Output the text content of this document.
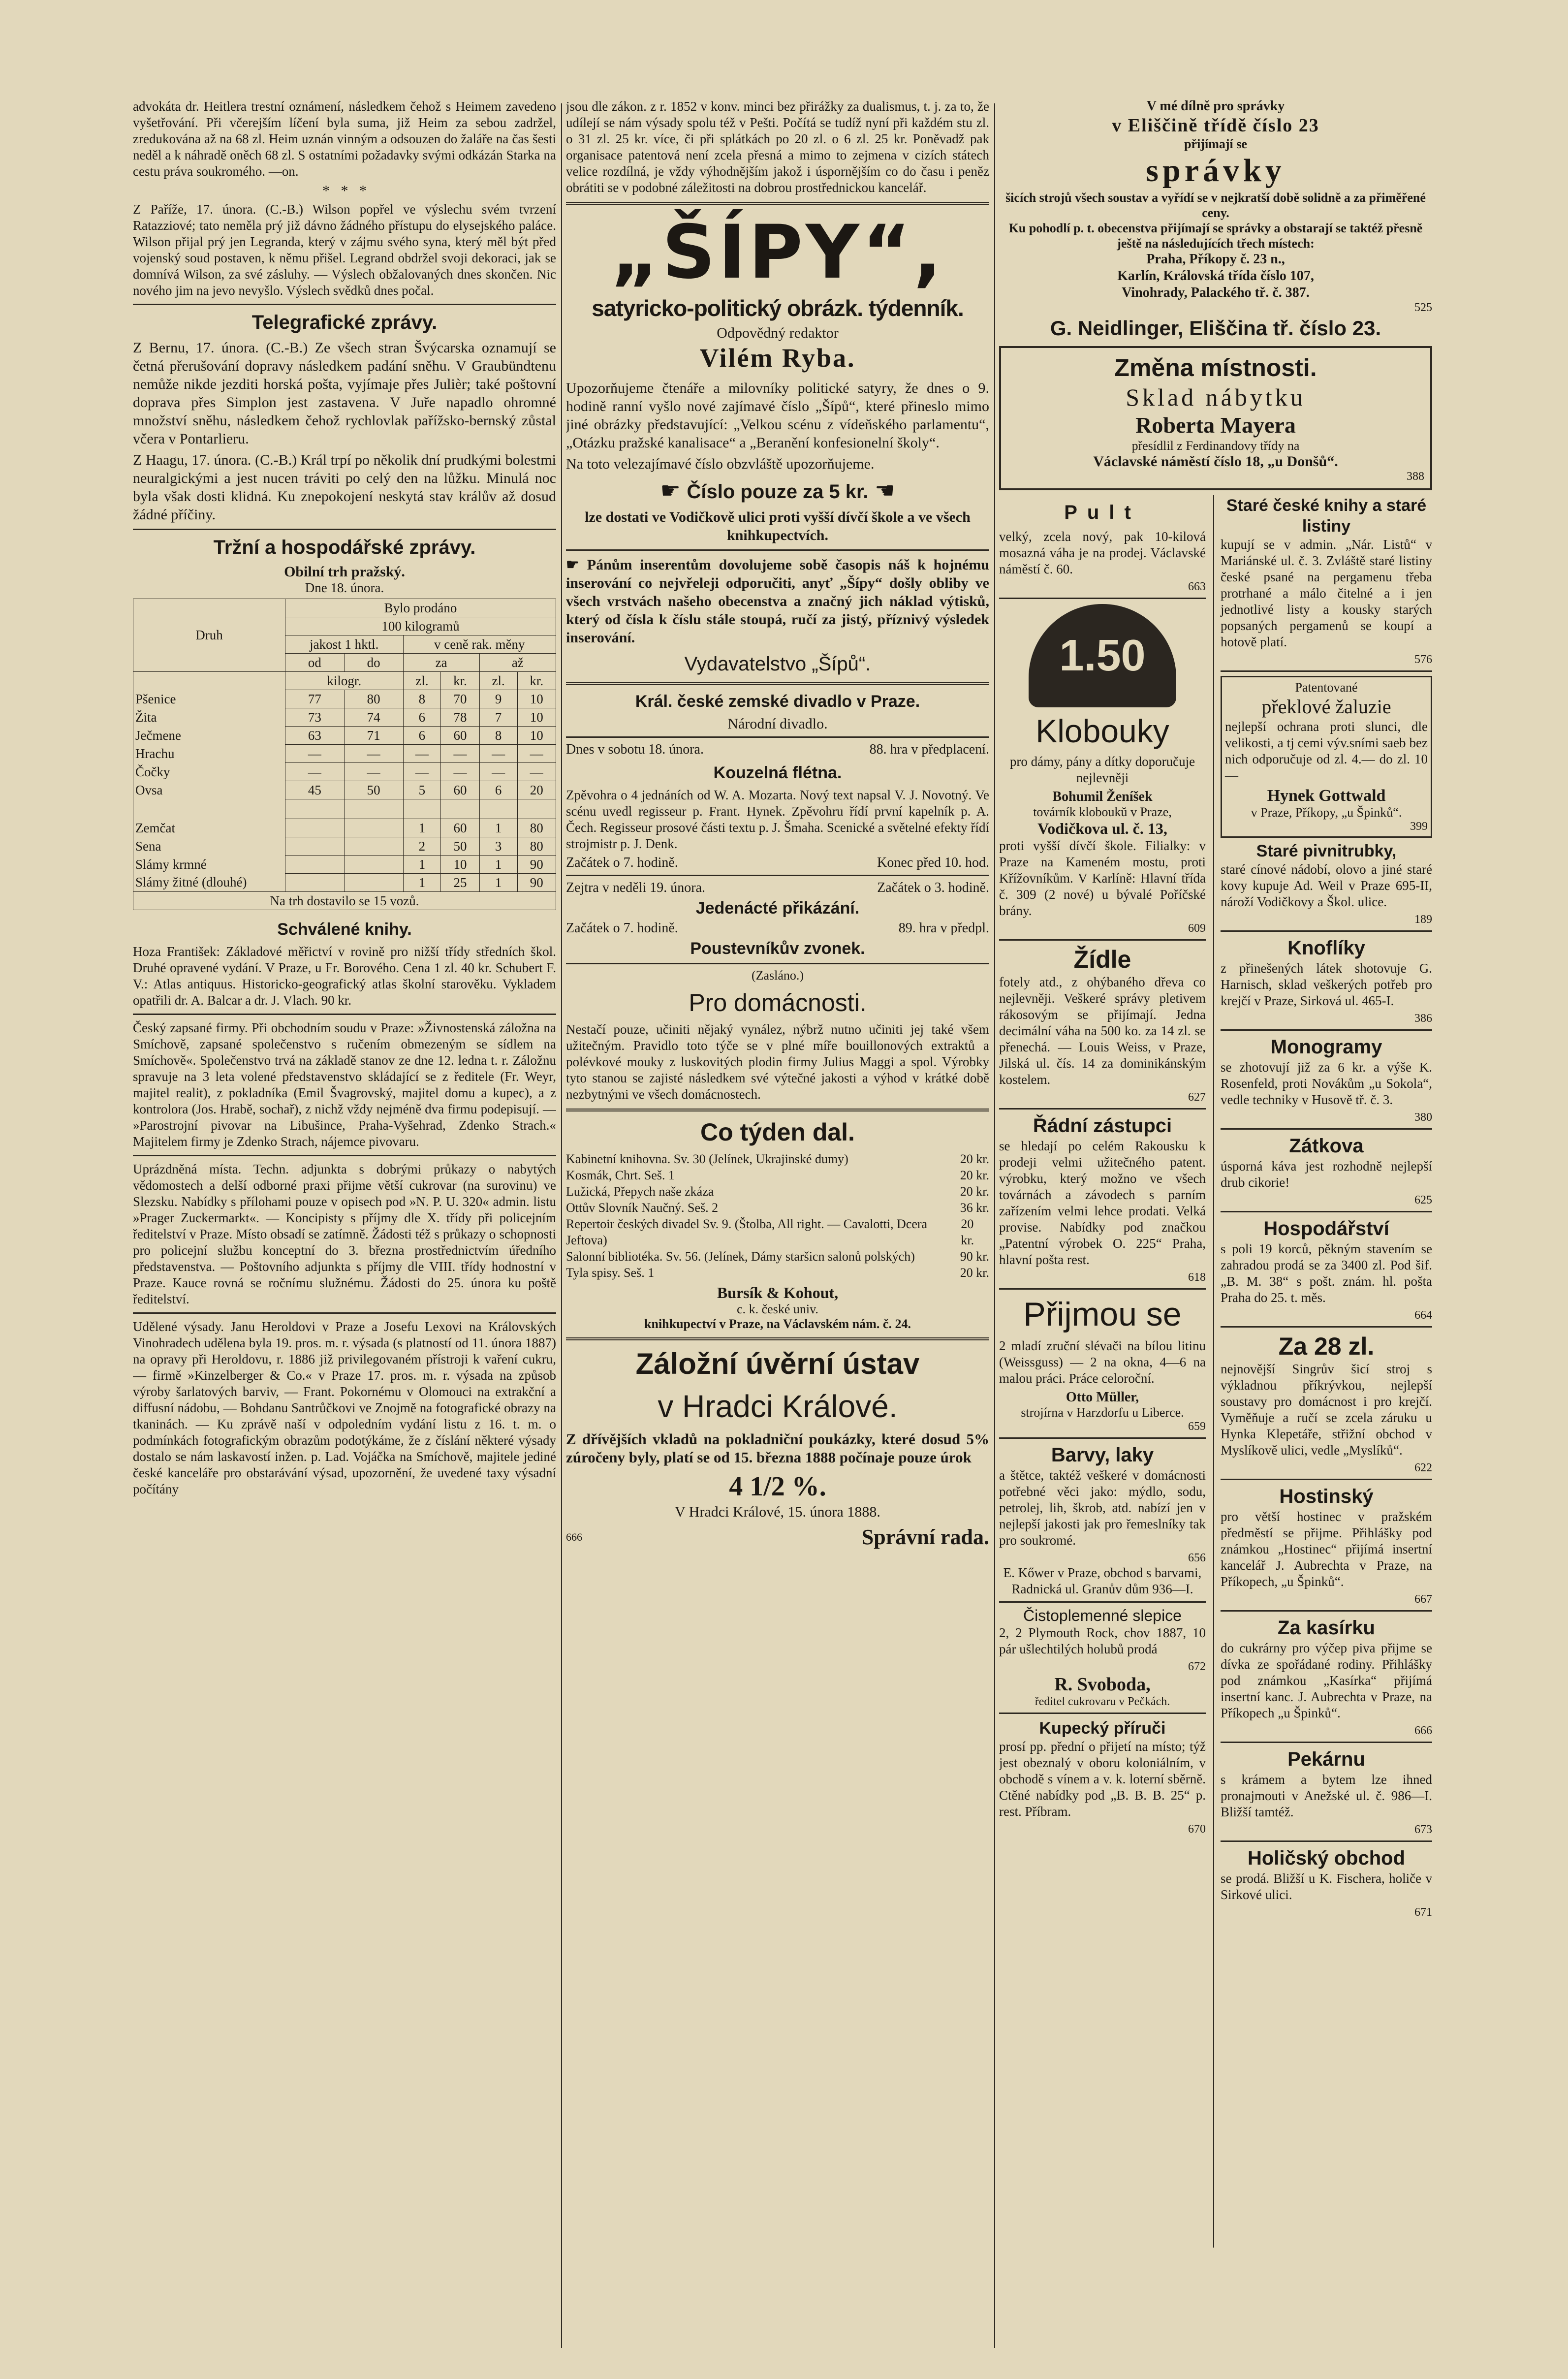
advokáta dr. Heitlera trestní oznámení, následkem čehož s Heimem zavedeno vyšetřování. Při včerejším líčení byla suma, již Heim za sebou zadržel, zredukována až na 68 zl. Heim uznán vinným a odsouzen do žaláře na čas šesti neděl a k náhradě oněch 68 zl. S ostatními požadavky svými odkázán Starka na cestu práva soukromého. —on.

*   *   *

Z Paříže, 17. února. (C.-B.) Wilson popřel ve výslechu svém tvrzení Ratazziové; tato neměla prý již dávno žádného přístupu do elysejského paláce. Wilson přijal prý jen Legranda, který v zájmu svého syna, který měl být před vojenský soud postaven, k němu přišel. Legrand obdržel svoji dekoraci, jak se domnívá Wilson, za své zásluhy. — Výslech obžalovaných dnes skončen. Nic nového jim na jevo nevyšlo. Výslech svědků dnes počal.

Telegrafické zprávy.

Z Bernu, 17. února. (C.-B.) Ze všech stran Švýcarska oznamují se četná přerušování dopravy následkem padání sněhu. V Graubündtenu nemůže nikde jezditi horská pošta, vyjímaje přes Julièr; také poštovní doprava přes Simplon jest zastavena. V Juře napadlo ohromné množství sněhu, následkem čehož rychlovlak pařížsko-bernský zůstal včera v Pontarlieru.

Z Haagu, 17. února. (C.-B.) Král trpí po několik dní prudkými bolestmi neuralgickými a jest nucen tráviti po celý den na lůžku. Minulá noc byla však dosti klidná. Ku znepokojení neskytá stav králův až dosud žádné příčiny.

Tržní a hospodářské zprávy.
Obilní trh pražský.
Dne 18. února.
Druh	Bylo prodáno					
	100 kilogramů					
	jakost 1 hktl.		v ceně rak. měny			
	od	do	za		až	
	kilogr.		zl.	kr.	zl.	kr.
Pšenice	77	80	8	70	9	10
Žita	73	74	6	78	7	10
Ječmene	63	71	6	60	8	10
Hrachu	—	—	—	—	—	—
Čočky	—	—	—	—	—	—
Ovsa	45	50	5	60	6	20

Zemčat			1	60	1	80
Sena			2	50	3	80
Slámy krmné			1	10	1	90
Slámy žitné (dlouhé)			1	25	1	90
Na trh dostavilo se 15 vozů.						
Schválené knihy.

Hoza František: Základové měřictví v rovině pro nižší třídy středních škol. Druhé opravené vydání. V Praze, u Fr. Borového. Cena 1 zl. 40 kr. Schubert F. V.: Atlas antiquus. Historicko-geografický atlas školní starověku. Vykladem opatřili dr. A. Balcar a dr. J. Vlach. 90 kr.

Český zapsané firmy. Při obchodním soudu v Praze: »Živnostenská záložna na Smíchově, zapsané společenstvo s ručením obmezeným se sídlem na Smíchově«. Společenstvo trvá na základě stanov ze dne 12. ledna t. r. Záložnu spravuje na 3 leta volené představenstvo skládající se z ředitele (Fr. Weyr, majitel realit), z pokladníka (Emil Švagrovský, majitel domu a kupec), a z kontrolora (Jos. Hrabě, sochař), z nichž vždy nejméně dva firmu podepisují. — »Parostrojní pivovar na Libušince, Praha-Vyšehrad, Zdenko Strach.« Majitelem firmy je Zdenko Strach, nájemce pivovaru.

Uprázdněná místa. Techn. adjunkta s dobrými průkazy o nabytých vědomostech a delší odborné praxi přijme větší cukrovar (na surovinu) ve Slezsku. Nabídky s přílohami pouze v opisech pod »N. P. U. 320« admin. listu »Prager Zuckermarkt«. — Koncipisty s příjmy dle X. třídy při policejním ředitelství v Praze. Místo obsadí se zatímně. Žádosti též s průkazy o schopnosti pro policejní službu konceptní do 3. března prostřednictvím úředního představenstva. — Poštovního adjunkta s příjmy dle VIII. třídy hodnostní v Praze. Kauce rovná se ročnímu služnému. Žádosti do 25. února ku poště ředitelství.

Udělené výsady. Janu Heroldovi v Praze a Josefu Lexovi na Královských Vinohradech udělena byla 19. pros. m. r. výsada (s platností od 11. února 1887) na opravy při Heroldovu, r. 1886 již privilegovaném přístroji k vaření cukru, — firmě »Kinzelberger & Co.« v Praze 17. pros. m. r. výsada na způsob výroby šarlatových barviv, — Frant. Pokornému v Olomouci na extrakční a diffusní nádobu, — Bohdanu Santrůčkovi ve Znojmě na fotografické obrazy na tkaninách. — Ku zprávě naší v odpoledním vydání listu z 16. t. m. o podmínkách fotografickým obrazům podotýkáme, že z číslání některé výsady dostalo se nám laskavostí inžen. p. Lad. Vojáčka na Smíchově, majitele jediné české kanceláře pro obstarávání výsad, upozornění, že uvedené taxy výsadní počítány

jsou dle zákon. z r. 1852 v konv. minci bez přirážky za dualismus, t. j. za to, že udílejí se nám výsady spolu též v Pešti. Počítá se tudíž nyní při každém stu zl. o 31 zl. 25 kr. více, či při splátkách po 20 zl. o 6 zl. 25 kr. Poněvadž pak organisace patentová není zcela přesná a mimo to zejmena v cizích státech velice rozdílná, je vždy výhodnějším jakož i úspornějším co do času i peněz obrátiti se v podobné záležitosti na dobrou prostřednickou kancelář.

„ŠÍPY“,
satyricko-politický obrázk. týdenník.
Odpovědný redaktor
Vilém Ryba.

Upozorňujeme čtenáře a milovníky politické satyry, že dnes o 9. hodině ranní vyšlo nové zajímavé číslo „Šípů“, které přineslo mimo jiné obrázky představující: „Velkou scénu z vídeňského parlamentu“, „Otázku pražské kanalisace“ a „Beranění konfesionelní školy“.

Na toto velezajímavé číslo obzvláště upozorňujeme.

☛ Číslo pouze za 5 kr. ☚

lze dostati ve Vodičkově ulici proti vyšší dívčí škole a ve všech knihkupectvích.

☛ Pánům inserentům dovolujeme sobě časopis náš k hojnému inserování co nejvřeleji odporučiti, anyť „Šípy“ došly obliby ve všech vrstvách našeho obecenstva a značný jich náklad výtisků, který od čísla k číslu stále stoupá, ručí za jistý, příznivý výsledek inserování.

Vydavatelstvo „Šípů“.
Král. české zemské divadlo v Praze.
Národní divadlo.
Dnes v sobotu 18. února.	88. hra v předplacení.
Kouzelná flétna.

Zpěvohra o 4 jednáních od W. A. Mozarta. Nový text napsal V. J. Novotný. Ve scénu uvedl regisseur p. Frant. Hynek. Zpěvohru řídí první kapelník p. A. Čech. Regisseur prosové části textu p. J. Šmaha. Scenické a světelné efekty řídí strojmistr p. J. Denk.

Začátek o 7. hodině.	Konec před 10. hod.
Zejtra v neděli 19. února.	Začátek o 3. hodině.
Jedenácté přikázání.
Začátek o 7. hodině.	89. hra v předpl.
Poustevníkův zvonek.
(Zasláno.)
Pro domácnosti.

Nestačí pouze, učiniti nějaký vynález, nýbrž nutno učiniti jej také všem užitečným. Pravidlo toto týče se v plné míře bouillonových extraktů a polévkové mouky z luskovitých plodin firmy Julius Maggi a spol. Výrobky tyto stanou se zajisté následkem své výtečné jakosti a výhod v krátké době nezbytnými ve všech domácnostech.

Co týden dal.
Kabinetní knihovna. Sv. 30 (Jelínek, Ukrajinské dumy)	20 kr.
Kosmák, Chrt. Seš. 1	20 kr.
Lužická, Přepych naše zkáza	20 kr.
Ottův Slovník Naučný. Seš. 2	36 kr.
Repertoir českých divadel Sv. 9. (Štolba, All right. — Cavalotti, Dcera Jeftova)
20 kr.
Salonní bibliotéka. Sv. 56. (Jelínek, Dámy staršicn salonů polských)	90 kr.
Tyla spisy. Seš. 1	20 kr.
Bursík & Kohout,
c. k. české univ.
knihkupectví v Praze, na Václavském nám. č. 24.
Záložní úvěrní ústav
v Hradci Králové.

Z dřívějších vkladů na pokladniční poukázky, které dosud 5% zúročeny byly, platí se od 15. března 1888 počínaje pouze úrok

4 1/2 %.
V Hradci Králové, 15. února 1888.
666	Správní rada.
V mé dílně pro správky
v Eliščině třídě číslo 23
přijímají se
správky
šicích strojů všech soustav a vyřídí se v nejkratší době solidně a za přiměřené ceny.
Ku pohodlí p. t. obecenstva přijímají se správky a obstarají se taktéž přesně ještě na následujících třech místech:
Praha, Příkopy č. 23 n.,
Karlín, Královská třída číslo 107,
Vinohrady, Palackého tř. č. 387.
525
G. Neidlinger, Eliščina tř. číslo 23.
Změna místnosti.
Sklad nábytku
Roberta Mayera
přesídlil z Ferdinandovy třídy na
Václavské náměstí číslo 18, „u Donšů“.
388
Pult

velký, zcela nový, pak 10-kilová mosazná váha je na prodej. Václavské náměstí č. 60.

663
1.50
Klobouky

pro dámy, pány a dítky doporučuje nejlevněji

Bohumil Ženíšek
továrník kloboukŭ v Praze,
Vodičkova ul. č. 13,

proti vyšší dívčí škole. Filialky: v Praze na Kameném mostu, proti Křížovníkům. V Karlíně: Hlavní třída č. 309 (2 nové) u bývalé Poříčské brány.

609
Žídle

fotely atd., z ohýbaného dřeva co nejlevněji. Veškeré správy pletivem rákosovým se přijímají. Jedna decimální váha na 500 ko. za 14 zl. se přenechá. — Louis Weiss, v Praze, Jilská ul. čís. 14 za dominikánským kostelem.

627
Řádní zástupci

se hledají po celém Rakousku k prodeji velmi užitečného patent. výrobku, který možno ve všech továrnách a závodech s parním zařízením velmi lehce prodati. Velká provise. Nabídky pod značkou „Patentní výrobek O. 225“ Praha, hlavní pošta rest.

618
Přijmou se

2 mladí zruční slévači na bílou litinu (Weissguss) — 2 na okna, 4—6 na malou práci. Práce celoroční.

Otto Müller,
strojírna v Harzdorfu u Liberce.
659
Barvy, laky

a štětce, taktéž veškeré v domácnosti potřebné věci jako: mýdlo, sodu, petrolej, lih, škrob, atd. nabízí jen v nejlepší jakosti jak pro řemeslníky tak pro soukromé.

656

E. Kőwer v Praze, obchod s barvami, Radnická ul. Granův dům 936—I.

Čistoplemenné slepice

2, 2 Plymouth Rock, chov 1887, 10 pár ušlechtilých holubů prodá

672
R. Svoboda,
ředitel cukrovaru v Pečkách.
Kupecký příruči

prosí pp. přední o přijetí na místo; týž jest obeznalý v oboru koloniálním, v obchodě s vínem a v. k. loterní sběrně. Ctěné nabídky pod „B. B. B. 25“ p. rest. Příbram.

670
Staré české knihy a staré listiny

kupují se v admin. „Nár. Listů“ v Mariánské ul. č. 3. Zvláště staré listiny české psané na pergamenu třeba protrhané a málo čitelné a i jen jednotlivé listy a kousky starých popsaných pergamenů se koupí a hotově platí.

576
Patentované
překlové žaluzie

nejlepší ochrana proti slunci, dle velikosti, a tj cemi výv.sními saeb bez nich odporučuje od zl. 4.— do zl. 10 —

Hynek Gottwald
v Praze, Příkopy, „u Špinků“.
399
Staré pivnitrubky,

staré cínové nádobí, olovo a jiné staré kovy kupuje Ad. Weil v Praze 695-II, nároží Vodičkovy a Škol. ulice.

189
Knoflíky

z přinešených látek shotovuje G. Harnisch, sklad veškerých potřeb pro krejčí v Praze, Sirková ul. 465-I.

386
Monogramy

se zhotovují již za 6 kr. a výše K. Rosenfeld, proti Novákům „u Sokola“, vedle techniky v Husově tř. č. 3.

380
Zátkova

úsporná káva jest rozhodně nejlepší drub cikorie!

625
Hospodářství

s poli 19 korců, pěkným stavením se zahradou prodá se za 3400 zl. Pod šif. „B. M. 38“ s pošt. znám. hl. pošta Praha do 25. t. měs.

664
Za 28 zl.

nejnovější Singrův šicí stroj s výkladnou příkrývkou, nejlepší soustavy pro domácnost i pro krejčí. Vyměňuje a ručí se zcela záruku u Hynka Klepetáře, střižní obchod v Myslíkově ulici, vedle „Myslíků“.

622
Hostinský

pro větší hostinec v pražském předměstí se přijme. Přihlášky pod známkou „Hostinec“ přijímá insertní kancelář J. Aubrechta v Praze, na Příkopech, „u Špinků“.

667
Za kasírku

do cukrárny pro výčep piva přijme se dívka ze spořádané rodiny. Přihlášky pod známkou „Kasírka“ přijímá insertní kanc. J. Aubrechta v Praze, na Příkopech „u Špinků“.

666
Pekárnu

s krámem a bytem lze ihned pronajmouti v Anežské ul. č. 986—I. Bližší tamtéž.

673
Holičský obchod

se prodá. Bližší u K. Fischera, holiče v Sirkové ulici.

671
